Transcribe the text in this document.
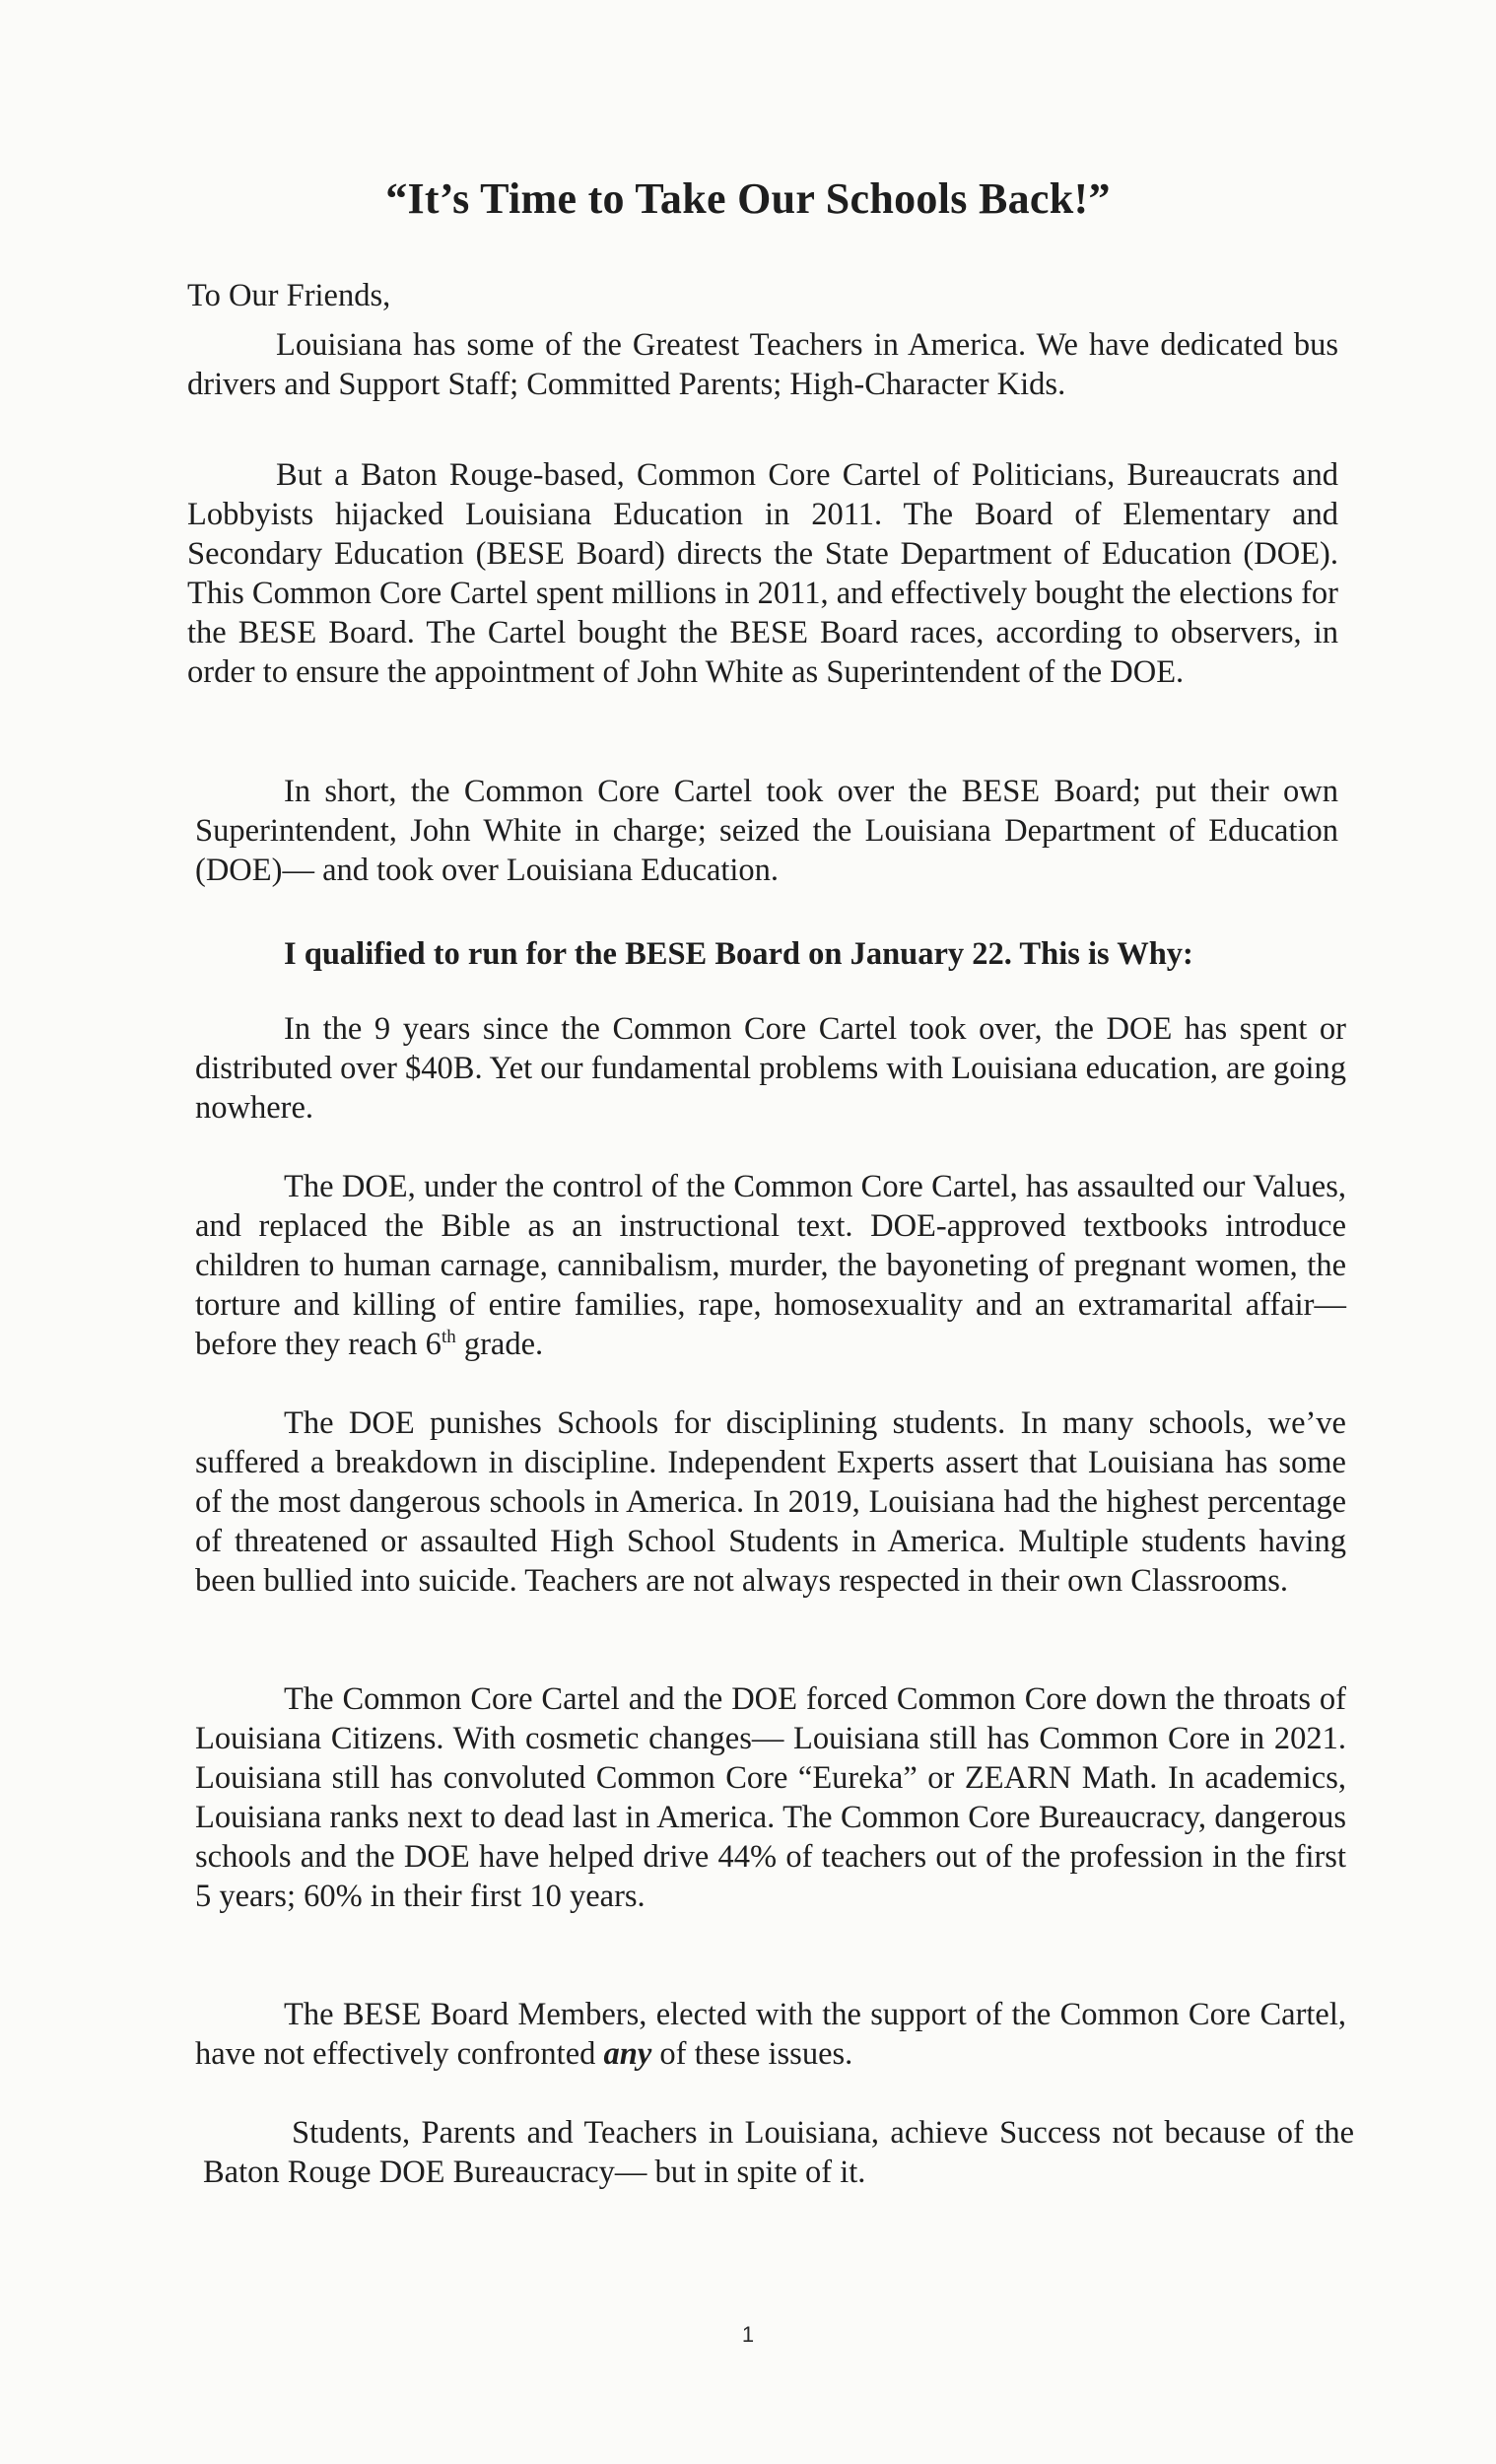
“It’s Time to Take Our Schools Back!”

To Our Friends,

Louisiana has some of the Greatest Teachers in America. We have dedicated bus drivers and Support Staff; Committed Parents; High-Character Kids.

But a Baton Rouge-based, Common Core Cartel of Politicians, Bureaucrats and Lobbyists hijacked Louisiana Education in 2011. The Board of Elementary and Secondary Education (BESE Board) directs the State Department of Education (DOE). This Common Core Cartel spent millions in 2011, and effectively bought the elections for the BESE Board. The Cartel bought the BESE Board races, according to observers, in order to ensure the appointment of John White as Superintendent of the DOE.

In short, the Common Core Cartel took over the BESE Board; put their own Superintendent, John White in charge; seized the Louisiana Department of Education (DOE)— and took over Louisiana Education.

I qualified to run for the BESE Board on January 22. This is Why:

In the 9 years since the Common Core Cartel took over, the DOE has spent or distributed over $40B. Yet our fundamental problems with Louisiana education, are going nowhere.

The DOE, under the control of the Common Core Cartel, has assaulted our Values, and replaced the Bible as an instructional text. DOE-approved textbooks introduce children to human carnage, cannibalism, murder, the bayoneting of pregnant women, the torture and killing of entire families, rape, homosexuality and an extramarital affair— before they reach 6th grade.

The DOE punishes Schools for disciplining students. In many schools, we’ve suffered a breakdown in discipline. Independent Experts assert that Louisiana has some of the most dangerous schools in America. In 2019, Louisiana had the highest percentage of threatened or assaulted High School Students in America. Multiple students having been bullied into suicide. Teachers are not always respected in their own Classrooms.

The Common Core Cartel and the DOE forced Common Core down the throats of Louisiana Citizens. With cosmetic changes— Louisiana still has Common Core in 2021. Louisiana still has convoluted Common Core “Eureka” or ZEARN Math. In academics, Louisiana ranks next to dead last in America. The Common Core Bureaucracy, dangerous schools and the DOE have helped drive 44% of teachers out of the profession in the first 5 years; 60% in their first 10 years.

The BESE Board Members, elected with the support of the Common Core Cartel, have not effectively confronted any of these issues.

Students, Parents and Teachers in Louisiana, achieve Success not because of the Baton Rouge DOE Bureaucracy— but in spite of it.

1
